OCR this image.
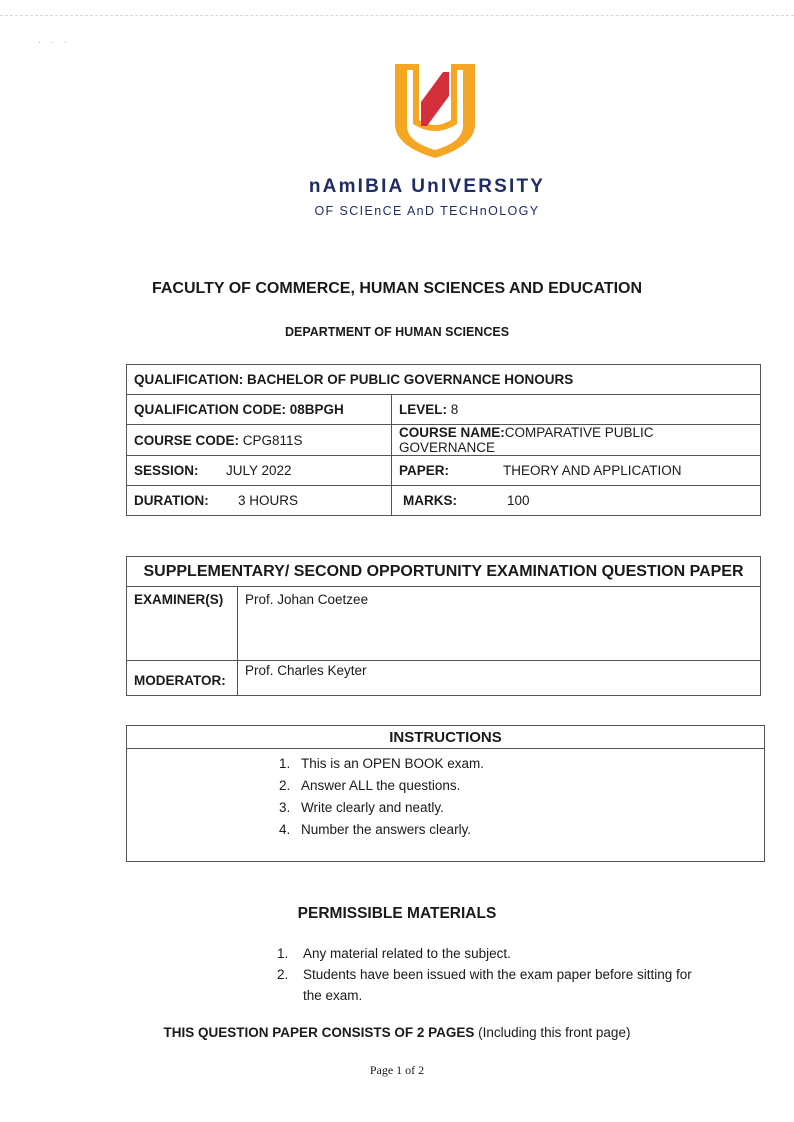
· · ·
nAmIBIA UnIVERSITY
OF SCIEnCE AnD TECHnOLOGY
FACULTY OF COMMERCE, HUMAN SCIENCES AND EDUCATION
DEPARTMENT OF HUMAN SCIENCES
QUALIFICATION: BACHELOR OF PUBLIC GOVERNANCE HONOURS	
QUALIFICATION CODE: 08BPGH	LEVEL: 8
COURSE CODE: CPG811S	COURSE NAME:COMPARATIVE PUBLIC GOVERNANCE
SESSION: JULY 2022	PAPER: THEORY AND APPLICATION
DURATION: 3 HOURS	MARKS: 100
SUPPLEMENTARY/ SECOND OPPORTUNITY EXAMINATION QUESTION PAPER	
EXAMINER(S)	Prof. Johan Coetzee
MODERATOR:	Prof. Charles Keyter
INSTRUCTIONS

1. This is an OPEN BOOK exam.
2. Answer ALL the questions.
3. Write clearly and neatly.
4. Number the answers clearly.
PERMISSIBLE MATERIALS
1.	Any material related to the subject.
2.	Students have been issued with the exam paper before sitting for the exam.
THIS QUESTION PAPER CONSISTS OF 2 PAGES (Including this front page)
Page 1 of 2
